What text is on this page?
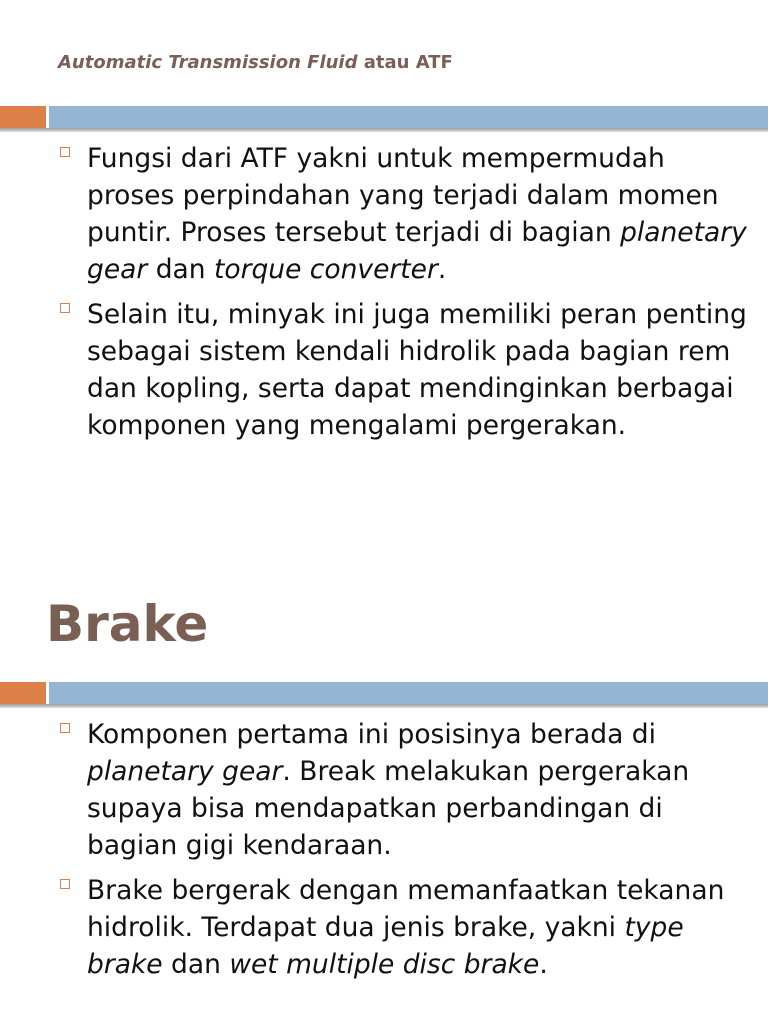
Automatic Transmission Fluid atau ATF
Fungsi dari ATF yakni untuk mempermudah proses perpindahan yang terjadi dalam momen puntir. Proses tersebut terjadi di bagian planetary gear dan torque converter.
Selain itu, minyak ini juga memiliki peran penting sebagai sistem kendali hidrolik pada bagian rem dan kopling, serta dapat mendinginkan berbagai komponen yang mengalami pergerakan.
Brake
Komponen pertama ini posisinya berada di planetary gear. Break melakukan pergerakan supaya bisa mendapatkan perbandingan di bagian gigi kendaraan.
Brake bergerak dengan memanfaatkan tekanan hidrolik. Terdapat dua jenis brake, yakni type brake dan wet multiple disc brake.
